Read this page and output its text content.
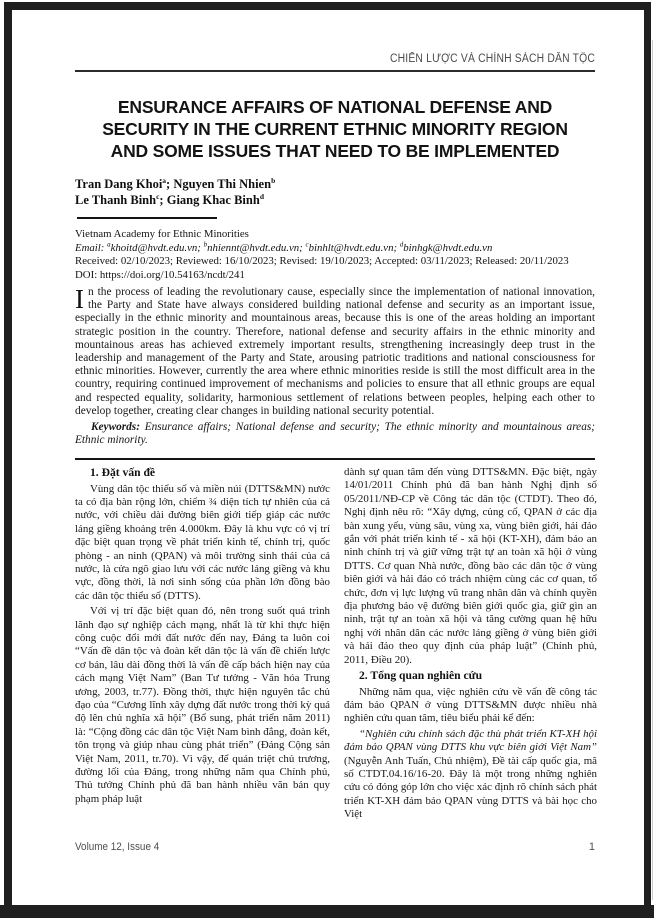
CHIẾN LƯỢC VÀ CHÍNH SÁCH DÂN TỘC
ENSURANCE AFFAIRS OF NATIONAL DEFENSE AND
SECURITY IN THE CURRENT ETHNIC MINORITY REGION
AND SOME ISSUES THAT NEED TO BE IMPLEMENTED
Tran Dang Khoi$^a$; Nguyen Thi Nhien$^b$
Le Thanh Binh$^c$; Giang Khac Binh$^d$
Vietnam Academy for Ethnic Minorities
Email: $^a$khoitd@hvdt.edu.vn; $^b$nhiennt@hvdt.edu.vn; $^c$binhlt@hvdt.edu.vn; $^d$binhgk@hvdt.edu.vn
Received: 02/10/2023; Reviewed: 16/10/2023; Revised: 19/10/2023; Accepted: 03/11/2023; Released: 20/11/2023
DOI: https://doi.org/10.54163/ncdt/241

In the process of leading the revolutionary cause, especially since the implementation of national innovation, the Party and State have always considered building national defense and security as an important issue, especially in the ethnic minority and mountainous areas, because this is one of the areas holding an important strategic position in the country. Therefore, national defense and security affairs in the ethnic minority and mountainous areas has achieved extremely important results, strengthening increasingly deep trust in the leadership and management of the Party and State, arousing patriotic traditions and national consciousness for ethnic minorities. However, currently the area where ethnic minorities reside is still the most difficult area in the country, requiring continued improvement of mechanisms and policies to ensure that all ethnic groups are equal and respected equality, solidarity, harmonious settlement of relations between peoples, helping each other to develop together, creating clear changes in building national security potential.

Keywords: Ensurance affairs; National defense and security; The ethnic minority and mountainous areas; Ethnic minority.

1. Đặt vấn đề

Vùng dân tộc thiểu số và miền núi (DTTS&MN) nước ta có địa bàn rộng lớn, chiếm ¾ diện tích tự nhiên của cả nước, với chiều dài đường biên giới tiếp giáp các nước láng giềng khoảng trên 4.000km. Đây là khu vực có vị trí đặc biệt quan trọng về phát triển kinh tế, chính trị, quốc phòng - an ninh (QPAN) và môi trường sinh thái của cả nước, là cửa ngõ giao lưu với các nước láng giềng và khu vực, đồng thời, là nơi sinh sống của phần lớn đồng bào các dân tộc thiểu số (DTTS).

Với vị trí đặc biệt quan đó, nên trong suốt quá trình lãnh đạo sự nghiệp cách mạng, nhất là từ khi thực hiện công cuộc đổi mới đất nước đến nay, Đảng ta luôn coi “Vấn đề dân tộc và đoàn kết dân tộc là vấn đề chiến lược cơ bản, lâu dài đồng thời là vấn đề cấp bách hiện nay của cách mạng Việt Nam” (Ban Tư tưởng - Văn hóa Trung ương, 2003, tr.77). Đồng thời, thực hiện nguyên tắc chủ đạo của “Cương lĩnh xây dựng đất nước trong thời kỳ quá độ lên chủ nghĩa xã hội” (Bổ sung, phát triển năm 2011) là: “Cộng đồng các dân tộc Việt Nam bình đẳng, đoàn kết, tôn trọng và giúp nhau cùng phát triển” (Đảng Cộng sản Việt Nam, 2011, tr.70). Vì vậy, để quán triệt chủ trương, đường lối của Đảng, trong những năm qua Chính phủ, Thủ tướng Chính phủ đã ban hành nhiều văn bản quy phạm pháp luật

dành sự quan tâm đến vùng DTTS&MN. Đặc biệt, ngày 14/01/2011 Chính phủ đã ban hành Nghị định số 05/2011/NĐ-CP về Công tác dân tộc (CTDT). Theo đó, Nghị định nêu rõ: “Xây dựng, củng cố, QPAN ở các địa bàn xung yếu, vùng sâu, vùng xa, vùng biên giới, hải đảo gắn với phát triển kinh tế - xã hội (KT-XH), đảm bảo an ninh chính trị và giữ vững trật tự an toàn xã hội ở vùng DTTS. Cơ quan Nhà nước, đồng bào các dân tộc ở vùng biên giới và hải đảo có trách nhiệm cùng các cơ quan, tổ chức, đơn vị lực lượng vũ trang nhân dân và chính quyền địa phương bảo vệ đường biên giới quốc gia, giữ gìn an ninh, trật tự an toàn xã hội và tăng cường quan hệ hữu nghị với nhân dân các nước láng giềng ở vùng biên giới và hải đảo theo quy định của pháp luật” (Chính phủ, 2011, Điều 20).

2. Tổng quan nghiên cứu

Những năm qua, việc nghiên cứu về vấn đề công tác đảm bảo QPAN ở vùng DTTS&MN được nhiều nhà nghiên cứu quan tâm, tiêu biểu phải kể đến:

“Nghiên cứu chính sách đặc thù phát triển KT-XH hội đảm bảo QPAN vùng DTTS khu vực biên giới Việt Nam” (Nguyễn Anh Tuấn, Chủ nhiệm), Đề tài cấp quốc gia, mã số CTDT.04.16/16-20. Đây là một trong những nghiên cứu có đóng góp lớn cho việc xác định rõ chính sách phát triển KT-XH đảm bảo QPAN vùng DTTS và bài học cho Việt

Volume 12, Issue 4	1
